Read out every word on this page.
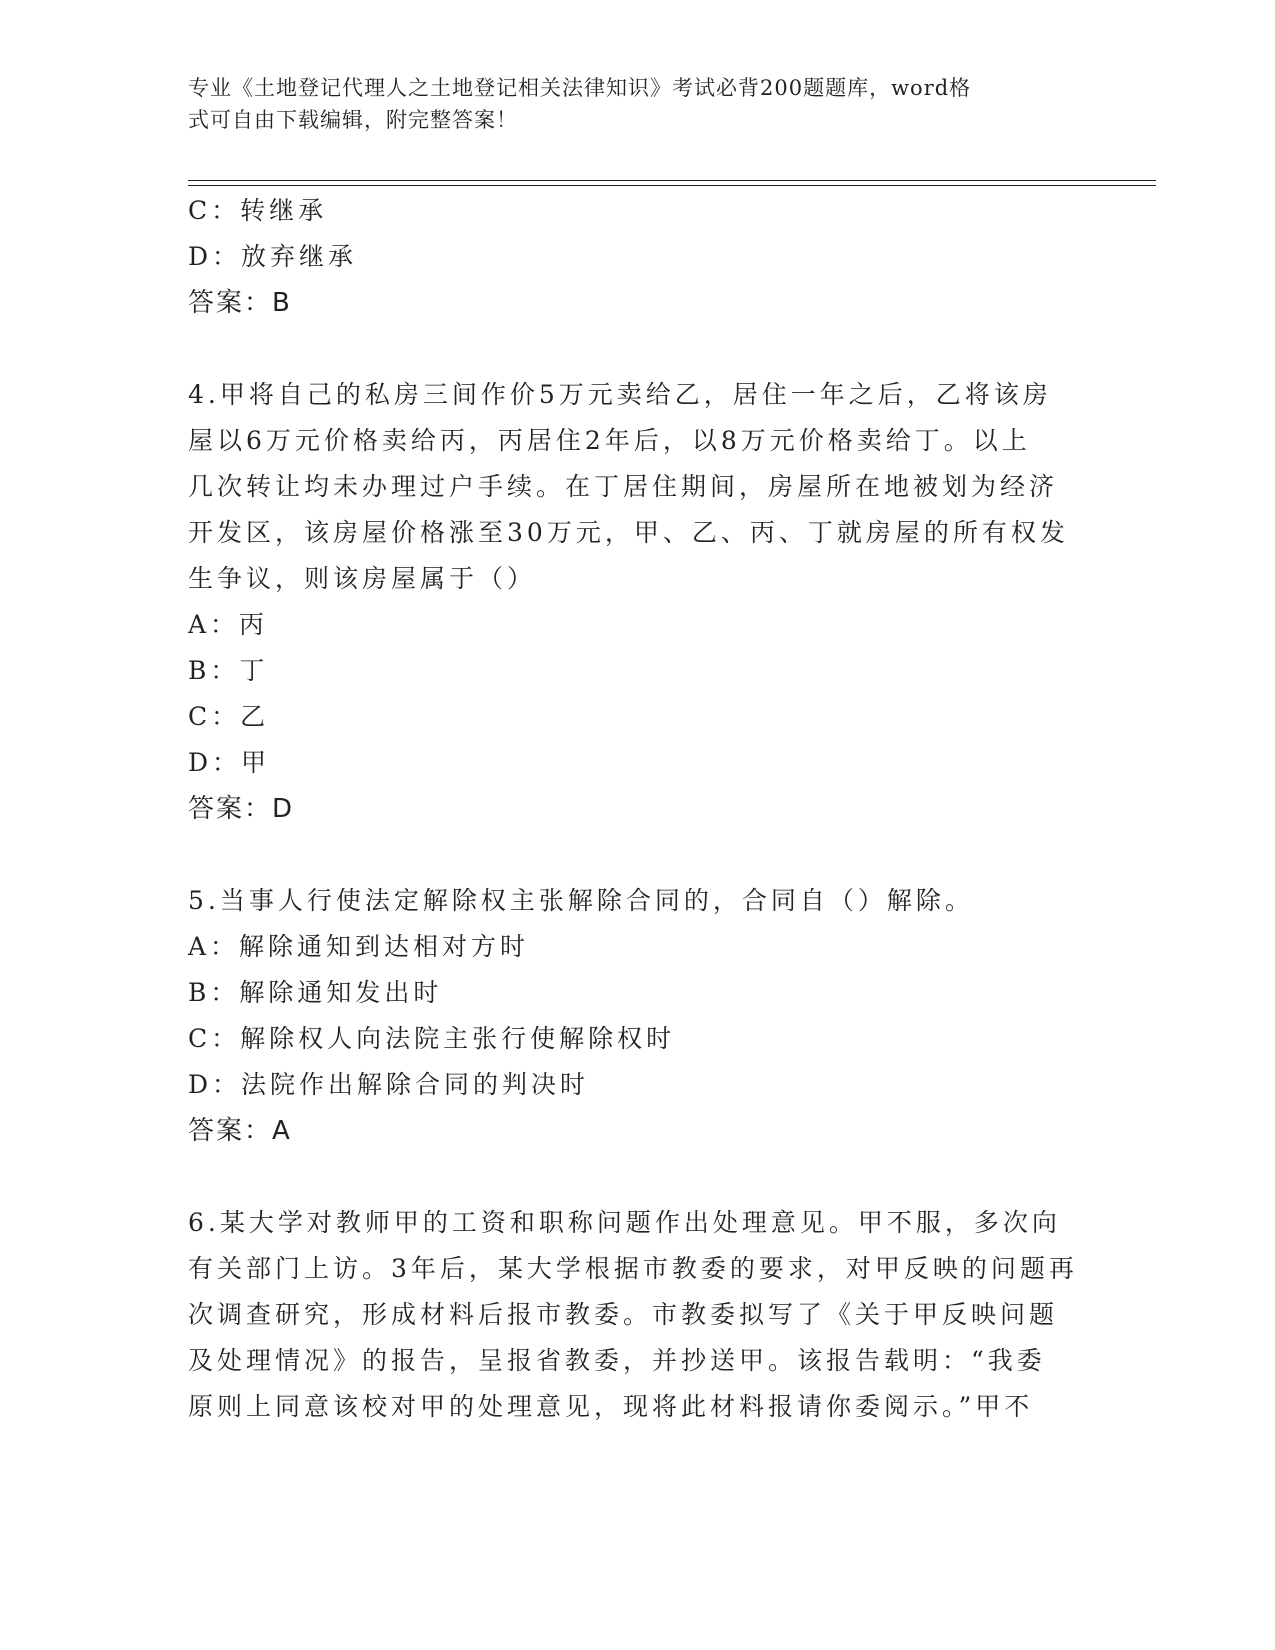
专业《土地登记代理人之土地登记相关法律知识》考试必背200题题库，word格
式可自由下载编辑，附完整答案！
C：转继承
D：放弃继承
答案：B
4.甲将自己的私房三间作价5万元卖给乙，居住一年之后，乙将该房
屋以6万元价格卖给丙，丙居住2年后，以8万元价格卖给丁。以上
几次转让均未办理过户手续。在丁居住期间，房屋所在地被划为经济
开发区，该房屋价格涨至30万元，甲、乙、丙、丁就房屋的所有权发
生争议，则该房屋属于（）
A：丙
B：丁
C：乙
D：甲
答案：D
5.当事人行使法定解除权主张解除合同的，合同自（）解除。
A：解除通知到达相对方时
B：解除通知发出时
C：解除权人向法院主张行使解除权时
D：法院作出解除合同的判决时
答案：A
6.某大学对教师甲的工资和职称问题作出处理意见。甲不服，多次向
有关部门上访。3年后，某大学根据市教委的要求，对甲反映的问题再
次调查研究，形成材料后报市教委。市教委拟写了《关于甲反映问题
及处理情况》的报告，呈报省教委，并抄送甲。该报告载明：“我委
原则上同意该校对甲的处理意见，现将此材料报请你委阅示。”甲不
